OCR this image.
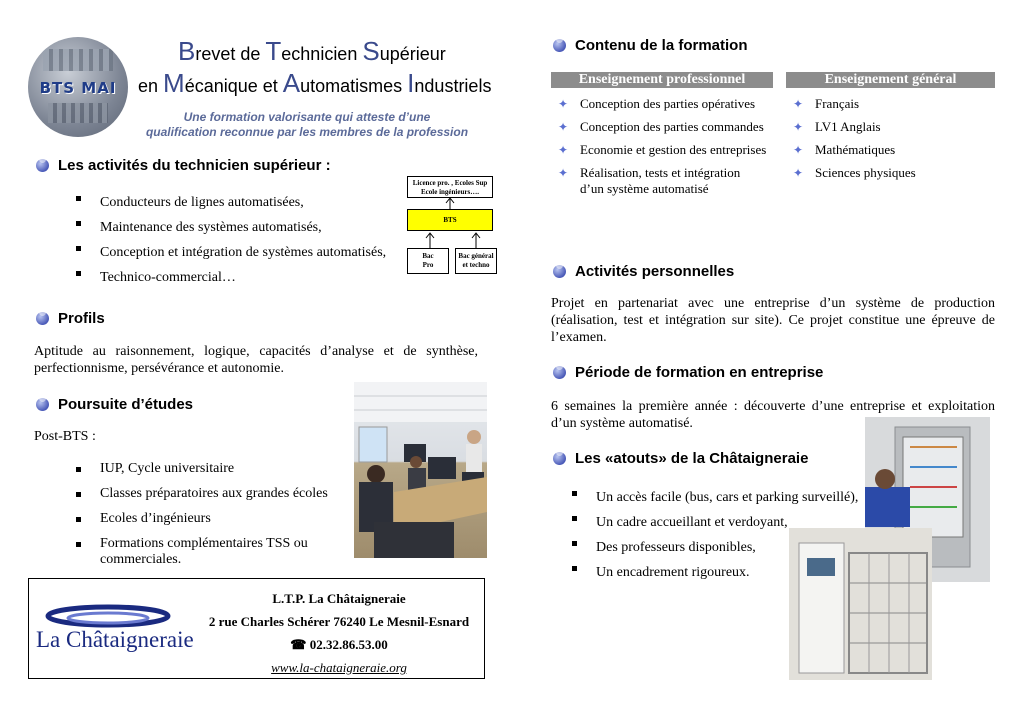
BTS MAI
Brevet de Technicien Supérieur
en Mécanique et Automatismes Industriels
Une formation valorisante qui atteste d’une
qualification reconnue par les membres de la profession
Les activités du technicien supérieur :
Conducteurs de lignes automatisées,
Maintenance des systèmes automatisés,
Conception et intégration de systèmes automatisés,
Technico-commercial…
Licence pro. , Ecoles Sup
Ecole ingénieurs….
BTS
Bac
Pro
Bac général
et techno
Profils
Aptitude au raisonnement, logique, capacités d’analyse et de synthèse, perfectionnisme, persévérance et autonomie.
Poursuite d’études
Post-BTS :
IUP, Cycle universitaire
Classes préparatoires aux grandes écoles
Ecoles d’ingénieurs
Formations complémentaires TSS ou commerciales.
La Châtaigneraie
L.T.P. La Châtaigneraie
2 rue Charles Schérer 76240 Le Mesnil-Esnard
☎ 02.32.86.53.00
www.la-chataigneraie.org
Contenu de la formation
Enseignement professionnel	Enseignement général
✦ Conception des parties opératives
✦ Conception des parties commandes
✦ Economie et gestion des entreprises
✦ Réalisation, tests et intégration d’un système automatisé
✦ Français
✦ LV1 Anglais
✦ Mathématiques
✦ Sciences physiques
Activités personnelles
Projet en partenariat avec une entreprise d’un système de production (réalisation, test et intégration sur site). Ce projet constitue une épreuve de l’examen.
Période de formation en entreprise
6 semaines la première année : découverte d’une entreprise et exploitation d’un système automatisé.
Les «atouts» de la Châtaigneraie
Un accès facile (bus, cars et parking surveillé),
Un cadre accueillant et verdoyant,
Des professeurs disponibles,
Un encadrement rigoureux.
